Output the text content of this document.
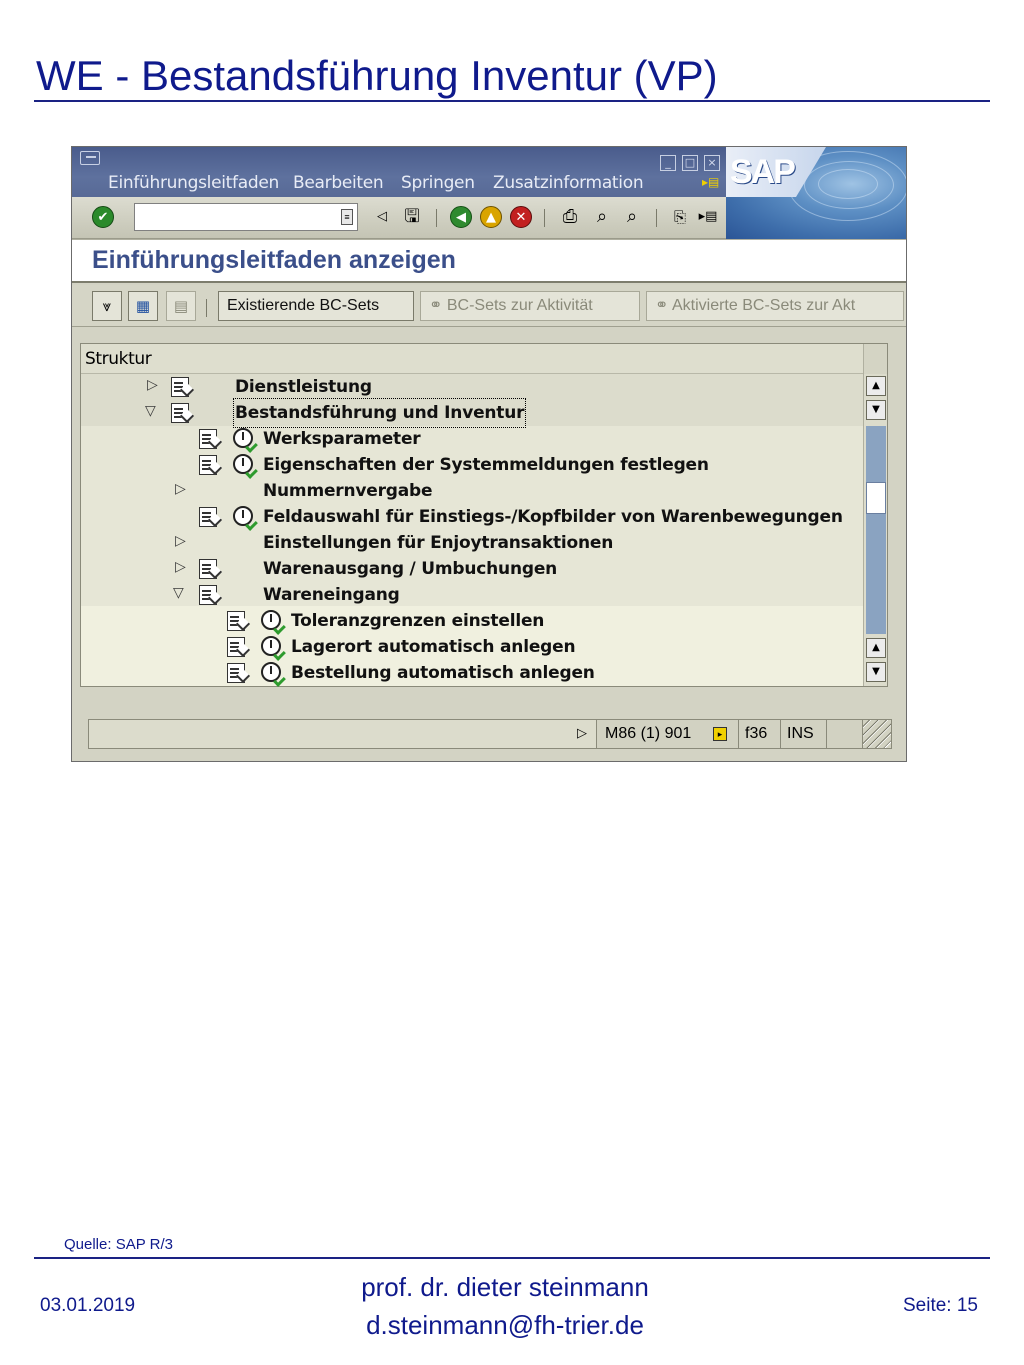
WE - Bestandsführung Inventur (VP)
Einführungsleitfaden Bearbeiten Springen Zusatzinformation
_	□	×
▸▤ SAP
✔	≡	◁ 🖫	◀	▲	✕	⎙	⌕	⌕	⎘ ▸▤
Einführungsleitfaden anzeigen
⩔	▦	▤	Existierende BC-Sets	⚭ BC-Sets zur Aktivität	⚭ Aktivierte BC-Sets zur Akt
Struktur
▷	Dienstleistung
▽	Bestandsführung und Inventur
Werksparameter
Eigenschaften der Systemmeldungen festlegen
▷	Nummernvergabe
Feldauswahl für Einstiegs-/Kopfbilder von Warenbewegungen
▷	Einstellungen für Enjoytransaktionen
▷	Warenausgang / Umbuchungen
▽	Wareneingang
Toleranzgrenzen einstellen
Lagerort automatisch anlegen
Bestellung automatisch anlegen
▲
▼
▲
▼
▷	M86 (1) 901	▸	f36	INS
Quelle: SAP R/3
03.01.2019
prof. dr. dieter steinmann
d.steinmann@fh-trier.de
Seite: 15
